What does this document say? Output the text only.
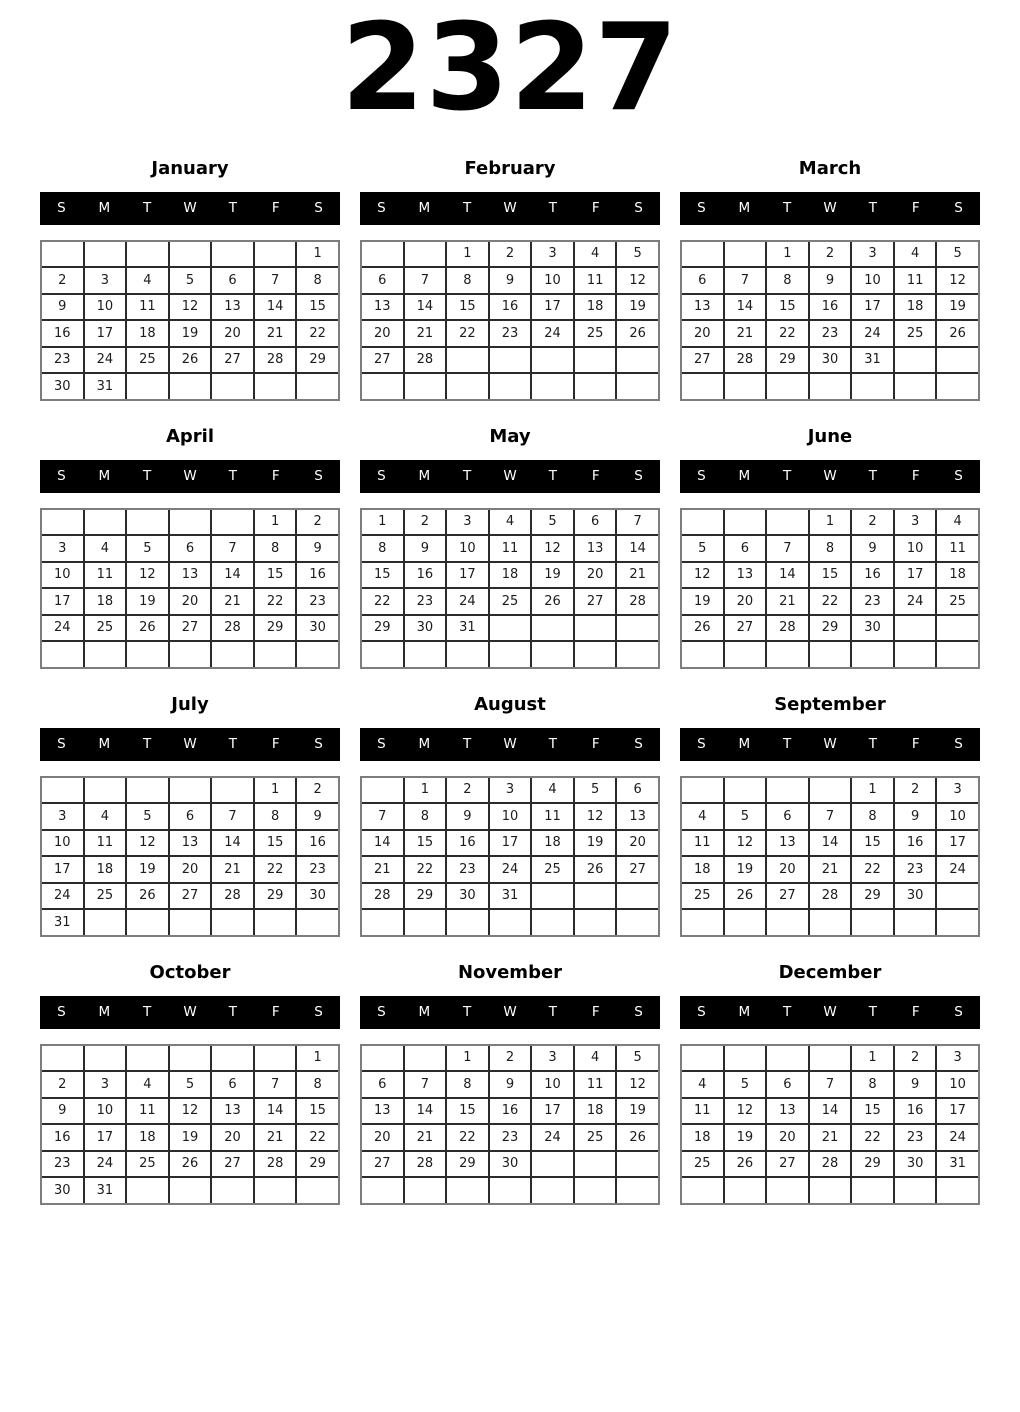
2327
January
S	M	T	W	T	F	S
						1
2	3	4	5	6	7	8
9	10	11	12	13	14	15
16	17	18	19	20	21	22
23	24	25	26	27	28	29
30	31					
February
S	M	T	W	T	F	S
		1	2	3	4	5
6	7	8	9	10	11	12
13	14	15	16	17	18	19
20	21	22	23	24	25	26
27	28					

March
S	M	T	W	T	F	S
		1	2	3	4	5
6	7	8	9	10	11	12
13	14	15	16	17	18	19
20	21	22	23	24	25	26
27	28	29	30	31		

April
S	M	T	W	T	F	S
					1	2
3	4	5	6	7	8	9
10	11	12	13	14	15	16
17	18	19	20	21	22	23
24	25	26	27	28	29	30

May
S	M	T	W	T	F	S
1	2	3	4	5	6	7
8	9	10	11	12	13	14
15	16	17	18	19	20	21
22	23	24	25	26	27	28
29	30	31				

June
S	M	T	W	T	F	S
			1	2	3	4
5	6	7	8	9	10	11
12	13	14	15	16	17	18
19	20	21	22	23	24	25
26	27	28	29	30		

July
S	M	T	W	T	F	S
					1	2
3	4	5	6	7	8	9
10	11	12	13	14	15	16
17	18	19	20	21	22	23
24	25	26	27	28	29	30
31						
August
S	M	T	W	T	F	S
	1	2	3	4	5	6
7	8	9	10	11	12	13
14	15	16	17	18	19	20
21	22	23	24	25	26	27
28	29	30	31			

September
S	M	T	W	T	F	S
				1	2	3
4	5	6	7	8	9	10
11	12	13	14	15	16	17
18	19	20	21	22	23	24
25	26	27	28	29	30	

October
S	M	T	W	T	F	S
						1
2	3	4	5	6	7	8
9	10	11	12	13	14	15
16	17	18	19	20	21	22
23	24	25	26	27	28	29
30	31					
November
S	M	T	W	T	F	S
		1	2	3	4	5
6	7	8	9	10	11	12
13	14	15	16	17	18	19
20	21	22	23	24	25	26
27	28	29	30			

December
S	M	T	W	T	F	S
				1	2	3
4	5	6	7	8	9	10
11	12	13	14	15	16	17
18	19	20	21	22	23	24
25	26	27	28	29	30	31
